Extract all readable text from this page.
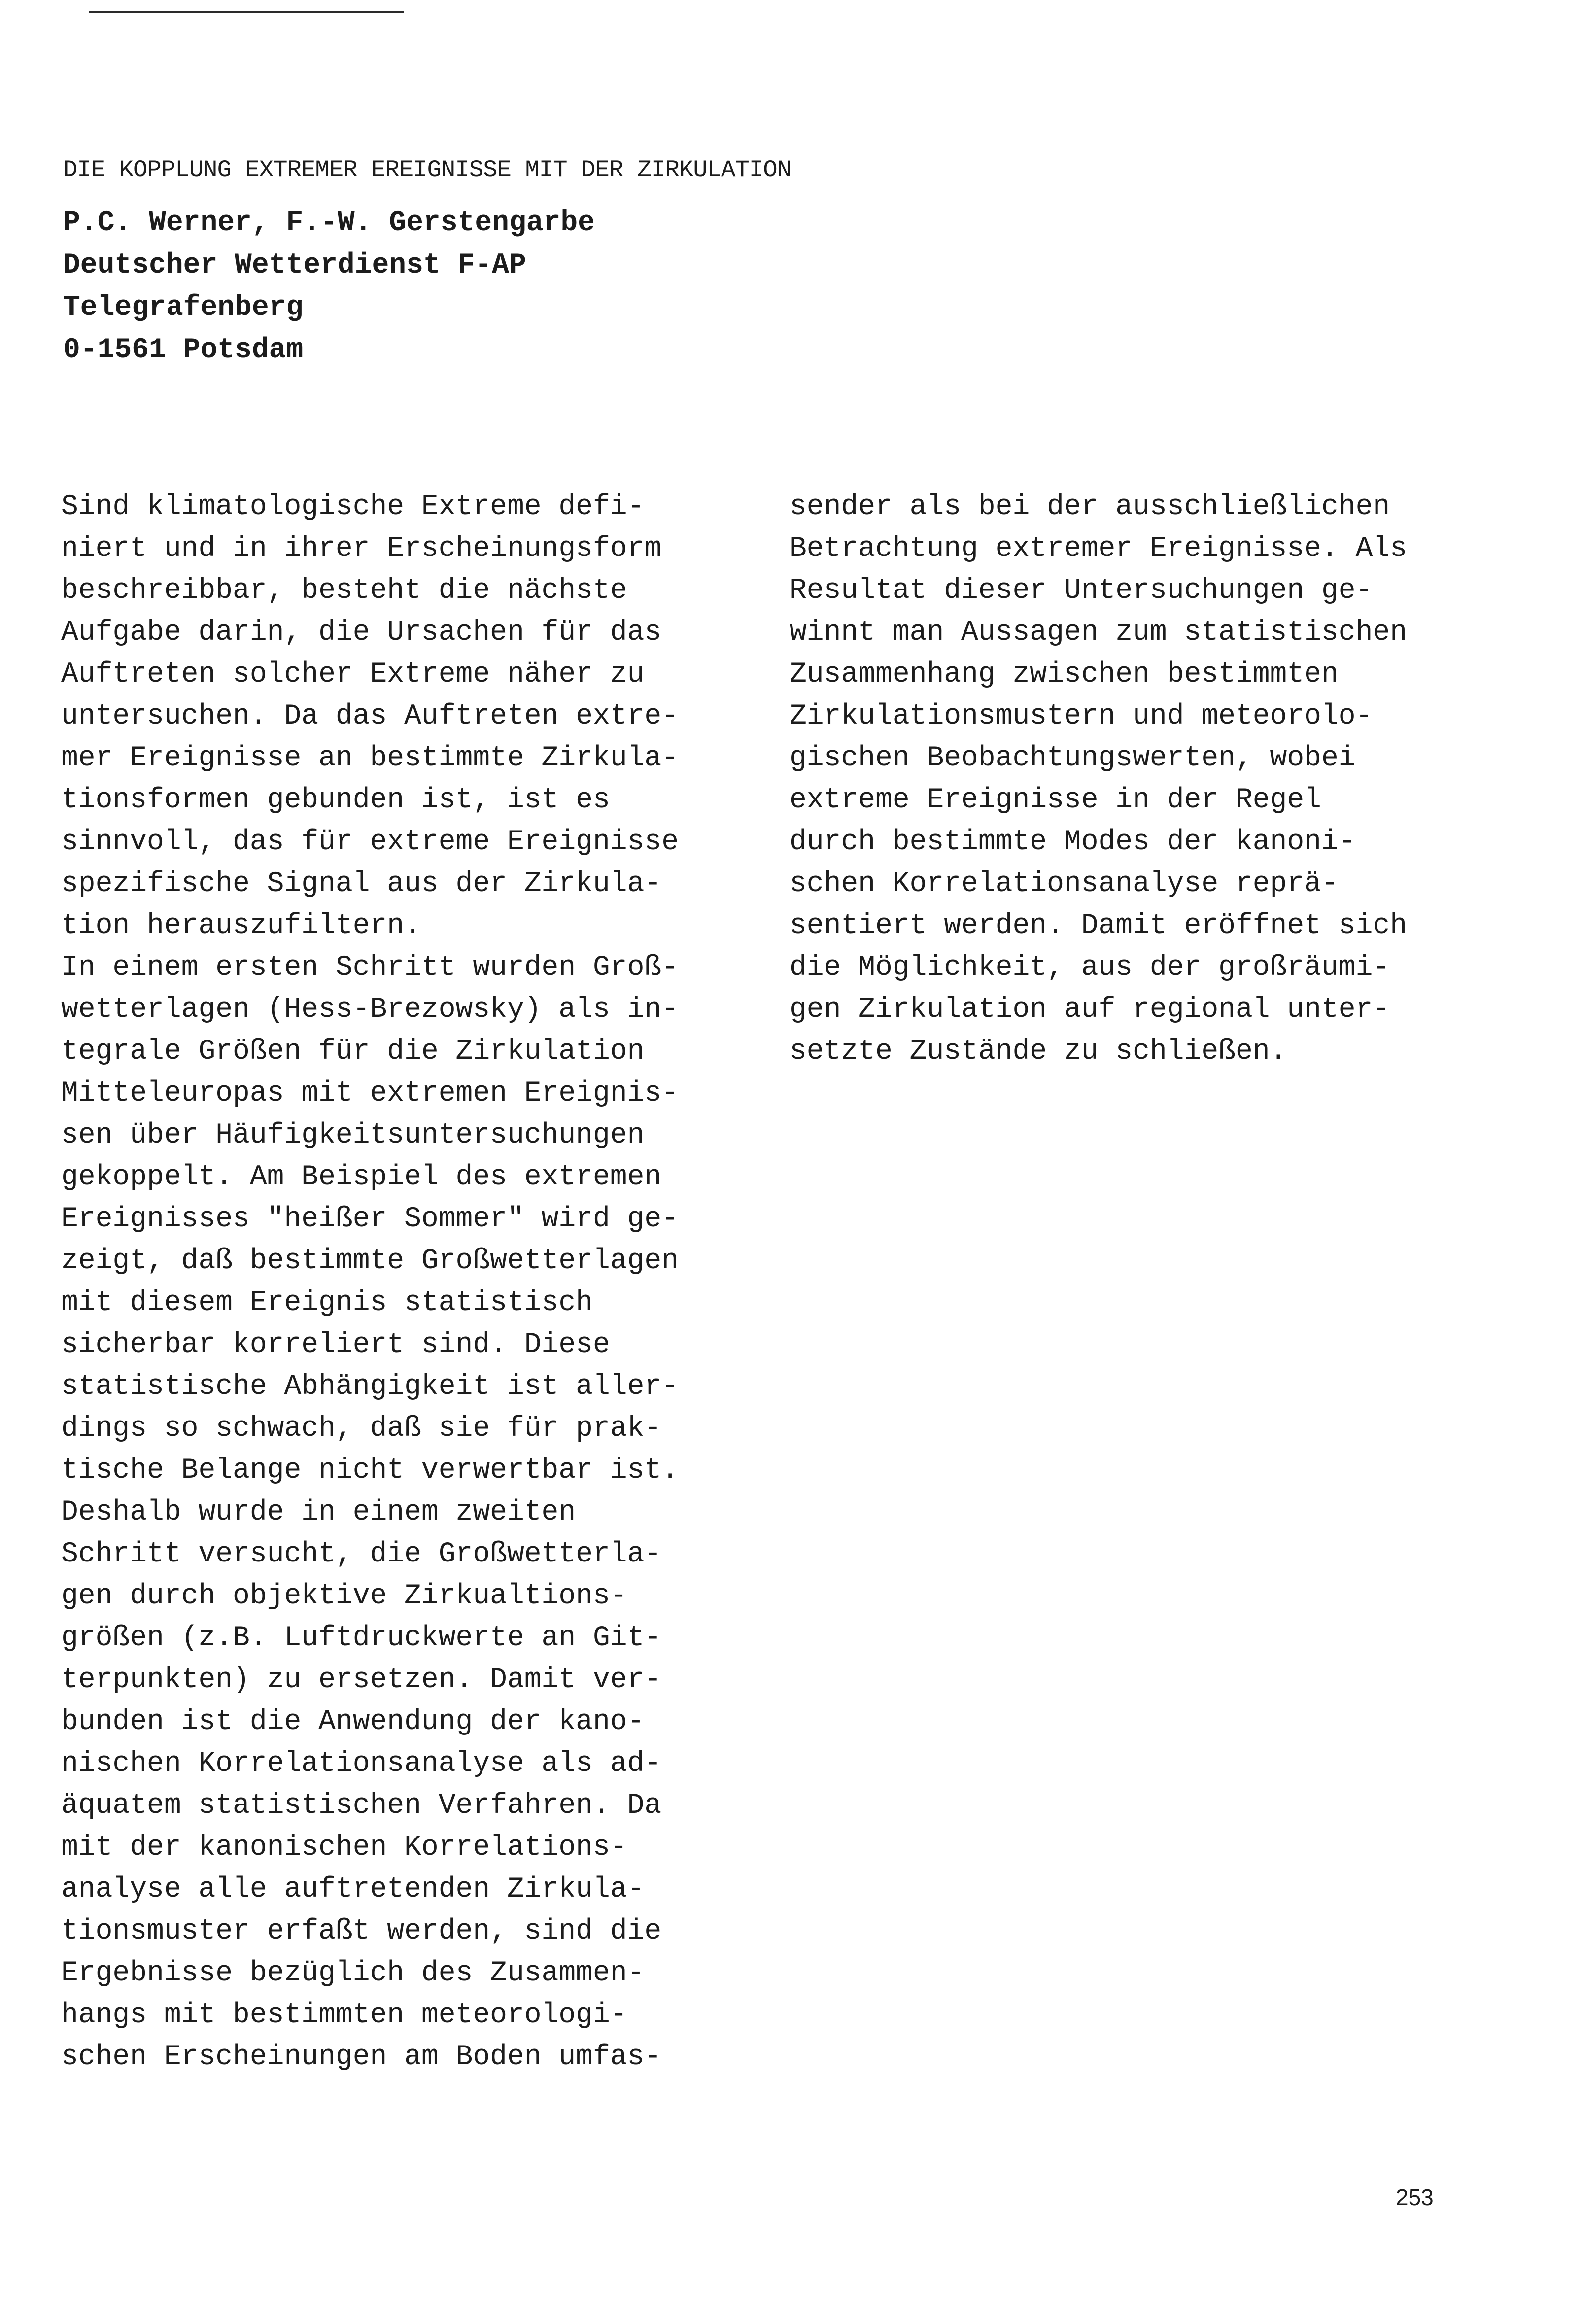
DIE KOPPLUNG EXTREMER EREIGNISSE MIT DER ZIRKULATION
P.C. Werner, F.-W. Gerstengarbe
Deutscher Wetterdienst F-AP
Telegrafenberg
0-1561 Potsdam
Sind klimatologische Extreme defi-
niert und in ihrer Erscheinungsform
beschreibbar, besteht die nächste
Aufgabe darin, die Ursachen für das
Auftreten solcher Extreme näher zu
untersuchen. Da das Auftreten extre-
mer Ereignisse an bestimmte Zirkula-
tionsformen gebunden ist, ist es
sinnvoll, das für extreme Ereignisse
spezifische Signal aus der Zirkula-
tion herauszufiltern.
In einem ersten Schritt wurden Groß-
wetterlagen (Hess-Brezowsky) als in-
tegrale Größen für die Zirkulation
Mitteleuropas mit extremen Ereignis-
sen über Häufigkeitsuntersuchungen
gekoppelt. Am Beispiel des extremen
Ereignisses "heißer Sommer" wird ge-
zeigt, daß bestimmte Großwetterlagen
mit diesem Ereignis statistisch
sicherbar korreliert sind. Diese
statistische Abhängigkeit ist aller-
dings so schwach, daß sie für prak-
tische Belange nicht verwertbar ist.
Deshalb wurde in einem zweiten
Schritt versucht, die Großwetterla-
gen durch objektive Zirkualtions-
größen (z.B. Luftdruckwerte an Git-
terpunkten) zu ersetzen. Damit ver-
bunden ist die Anwendung der kano-
nischen Korrelationsanalyse als ad-
äquatem statistischen Verfahren. Da
mit der kanonischen Korrelations-
analyse alle auftretenden Zirkula-
tionsmuster erfaßt werden, sind die
Ergebnisse bezüglich des Zusammen-
hangs mit bestimmten meteorologi-
schen Erscheinungen am Boden umfas-
sender als bei der ausschließlichen
Betrachtung extremer Ereignisse. Als
Resultat dieser Untersuchungen ge-
winnt man Aussagen zum statistischen
Zusammenhang zwischen bestimmten
Zirkulationsmustern und meteorolo-
gischen Beobachtungswerten, wobei
extreme Ereignisse in der Regel
durch bestimmte Modes der kanoni-
schen Korrelationsanalyse reprä-
sentiert werden. Damit eröffnet sich
die Möglichkeit, aus der großräumi-
gen Zirkulation auf regional unter-
setzte Zustände zu schließen.
253
